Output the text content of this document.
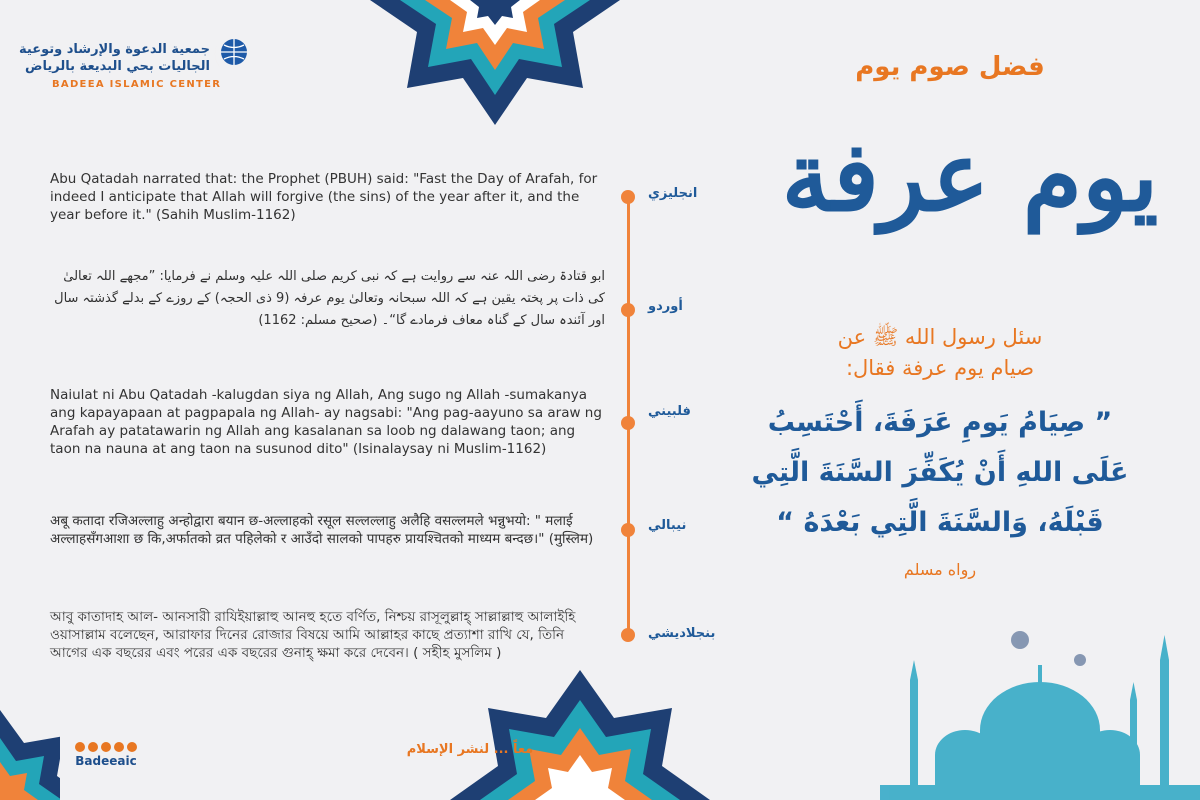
جمعية الدعوة والإرشاد وتوعية
الجاليات بحي البديعة بالرياض
BADEEA ISLAMIC CENTER
انجليزي
Abu Qatadah narrated that: the Prophet (PBUH) said: "Fast the Day of Arafah, for indeed I anticipate that Allah will forgive (the sins) of the year after it, and the year before it." (Sahih Muslim-1162)
أوردو
ابو قتادۃ رضی اللہ عنہ سے روایت ہے کہ نبی کریم صلی اللہ علیہ وسلم نے فرمایا: ”مجھے اللہ تعالیٰ کی ذات پر پختہ یقین ہے کہ اللہ سبحانہ وتعالیٰ یوم عرفہ (9 ذی الحجہ) کے روزے کے بدلے گذشتہ سال اور آئندہ سال کے گناہ معاف فرمادے گا“۔ (صحیح مسلم: 1162)
فلبيني
Naiulat ni Abu Qatadah -kalugdan siya ng Allah, Ang sugo ng Allah -sumakanya ang kapayapaan at pagpapala ng Allah- ay nagsabi: "Ang pag-aayuno sa araw ng Arafah ay patatawarin ng Allah ang kasalanan sa loob ng dalawang taon; ang taon na nauna at ang taon na susunod dito" (Isinalaysay ni Muslim-1162)
نيبالي
अबू कतादा रजिअल्लाहु अन्होद्वारा बयान छ-अल्लाहको रसूल सल्लल्लाहु अलैहि वसल्लमले भन्नुभयो: " मलाई अल्लाहसँगआशा छ कि,अर्फातको व्रत पहिलेको र आउँदो सालको पापहरु प्रायश्चितको माध्यम बन्दछ।" (मुस्लिम)
بنجلاديشي
আবু কাতাদাহ আল- আনসারী রাযিইয়াল্লাহু আনহু হতে বর্ণিত, নিশ্চয় রাসূলুল্লাহ্ সাল্লাল্লাহু আলাইহি ওয়াসাল্লাম বলেছেন, আরাফার দিনের রোজার বিষয়ে আমি আল্লাহর কাছে প্রত্যাশা রাখি যে, তিনি আগের এক বছরের এবং পরের এক বছরের গুনাহ্ ক্ষমা করে দেবেন। ( সহীহ মুসলিম )
فضل صوم يوم
يوم عرفة
سئل رسول الله ﷺ عن
صيام يوم عرفة فقال:
” صِيَامُ يَومِ عَرَفَةَ، أَحْتَسِبُ
عَلَى اللهِ أَنْ يُكَفِّرَ السَّنَةَ الَّتِي
قَبْلَهُ، وَالسَّنَةَ الَّتِي بَعْدَهُ “
رواه مسلم
Badeeaic
معاً ... لنشر الإسلام
